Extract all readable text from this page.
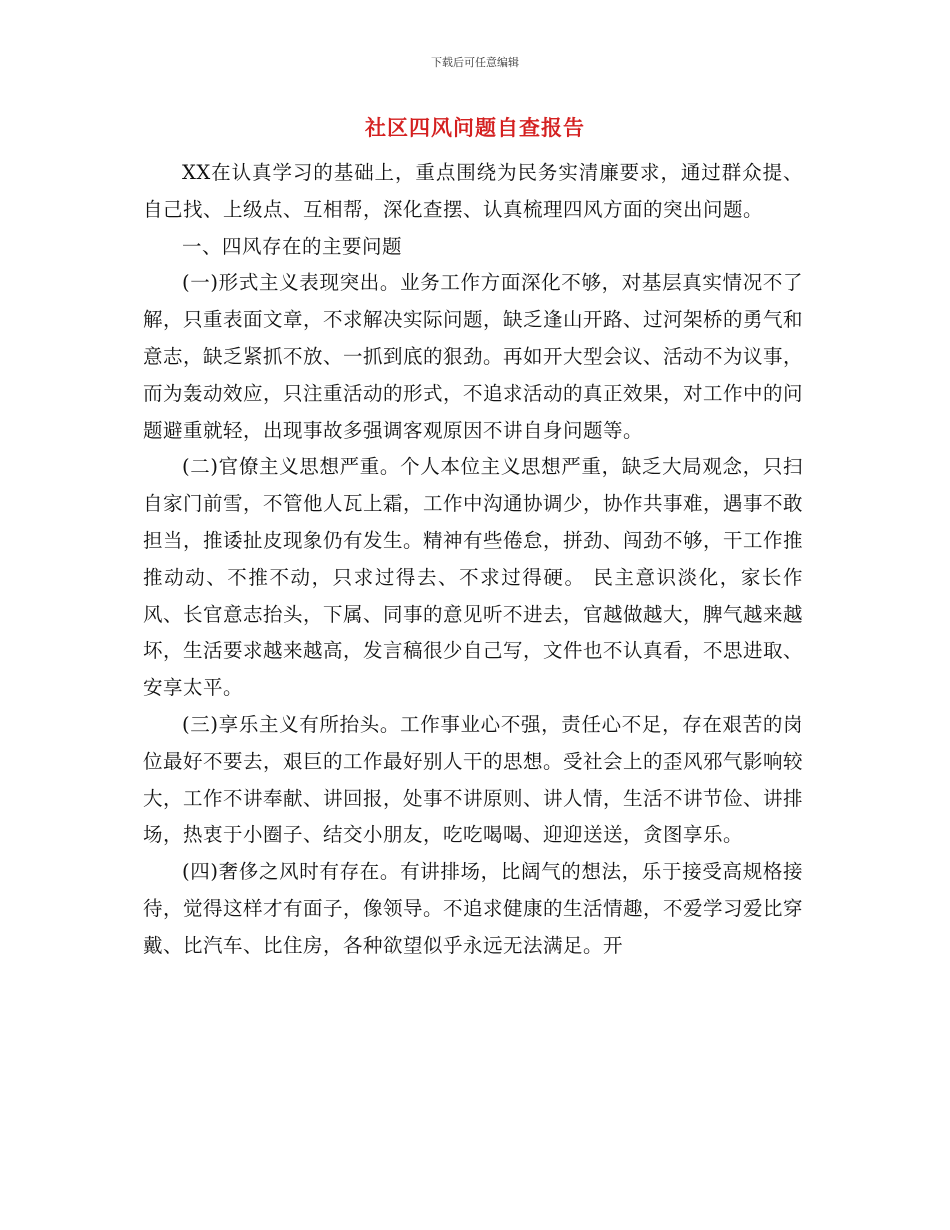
下载后可任意编辑
社区四风问题自查报告

XX在认真学习的基础上，重点围绕为民务实清廉要求，通过群众提、自己找、上级点、互相帮，深化查摆、认真梳理四风方面的突出问题。

一、四风存在的主要问题

(一)形式主义表现突出。业务工作方面深化不够，对基层真实情况不了解，只重表面文章，不求解决实际问题，缺乏逢山开路、过河架桥的勇气和意志，缺乏紧抓不放、一抓到底的狠劲。再如开大型会议、活动不为议事，而为轰动效应，只注重活动的形式，不追求活动的真正效果，对工作中的问题避重就轻，出现事故多强调客观原因不讲自身问题等。

(二)官僚主义思想严重。个人本位主义思想严重，缺乏大局观念，只扫自家门前雪，不管他人瓦上霜，工作中沟通协调少，协作共事难，遇事不敢担当，推诿扯皮现象仍有发生。精神有些倦怠，拼劲、闯劲不够，干工作推推动动、不推不动，只求过得去、不求过得硬。 民主意识淡化，家长作风、长官意志抬头，下属、同事的意见听不进去，官越做越大，脾气越来越坏，生活要求越来越高，发言稿很少自己写，文件也不认真看，不思进取、安享太平。

(三)享乐主义有所抬头。工作事业心不强，责任心不足，存在艰苦的岗位最好不要去，艰巨的工作最好别人干的思想。受社会上的歪风邪气影响较大，工作不讲奉献、讲回报，处事不讲原则、讲人情，生活不讲节俭、讲排场，热衷于小圈子、结交小朋友，吃吃喝喝、迎迎送送，贪图享乐。

(四)奢侈之风时有存在。有讲排场，比阔气的想法，乐于接受高规格接待，觉得这样才有面子，像领导。不追求健康的生活情趣，不爱学习爱比穿戴、比汽车、比住房，各种欲望似乎永远无法满足。开
